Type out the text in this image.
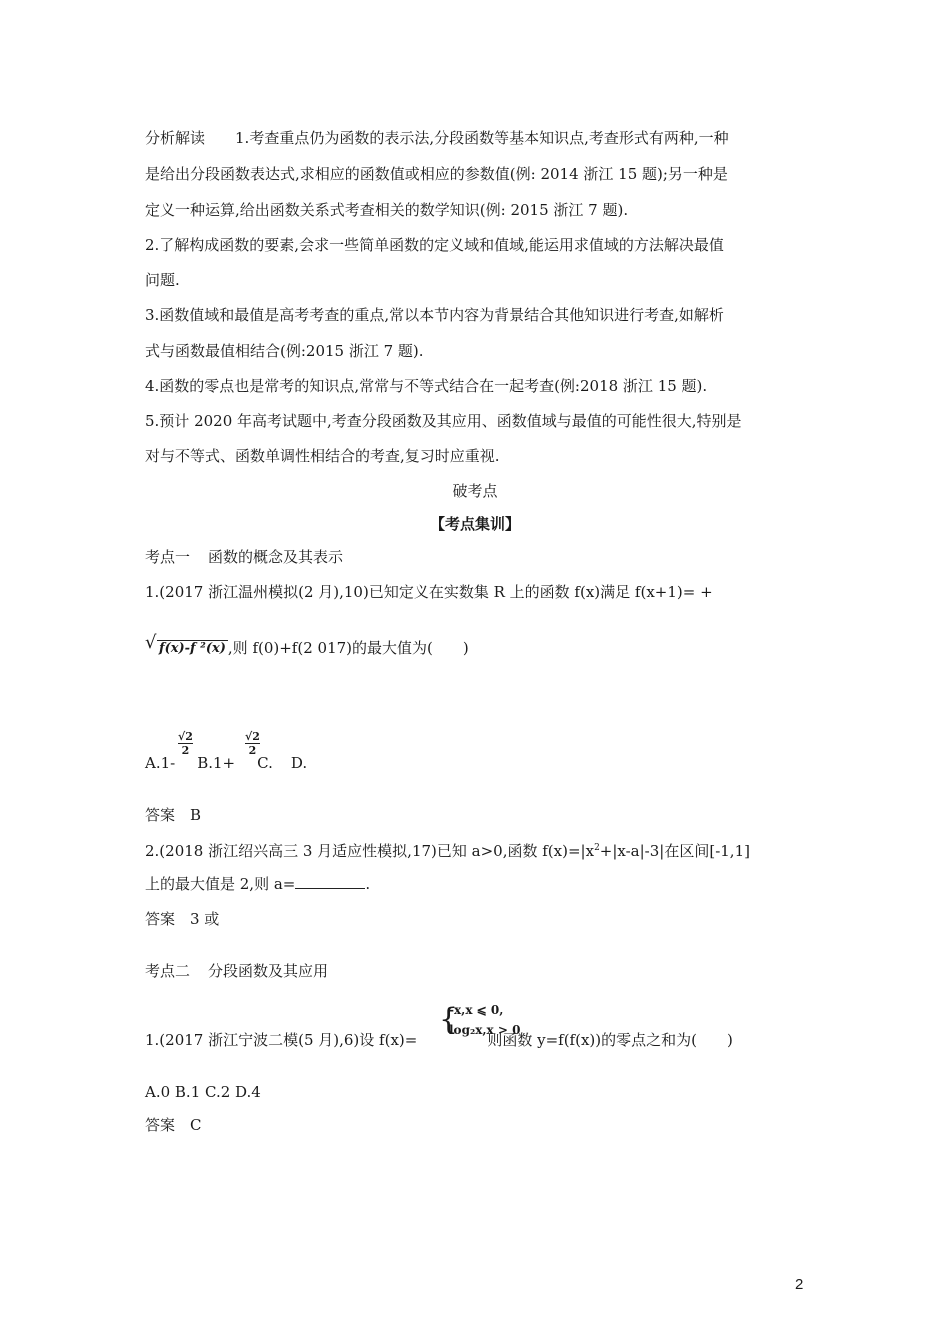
分析解读 1.考查重点仍为函数的表示法,分段函数等基本知识点,考查形式有两种,一种
是给出分段函数表达式,求相应的函数值或相应的参数值(例: 2014 浙江 15 题);另一种是
定义一种运算,给出函数关系式考查相关的数学知识(例: 2015 浙江 7 题).
2.了解构成函数的要素,会求一些简单函数的定义域和值域,能运用求值域的方法解决最值
问题.
3.函数值域和最值是高考考查的重点,常以本节内容为背景结合其他知识进行考查,如解析
式与函数最值相结合(例:2015 浙江 7 题).
4.函数的零点也是常考的知识点,常常与不等式结合在一起考查(例:2018 浙江 15 题).
5.预计 2020 年高考试题中,考查分段函数及其应用、函数值域与最值的可能性很大,特别是
对与不等式、函数单调性相结合的考查,复习时应重视.
破考点
【考点集训】
考点一 函数的概念及其表示
1.(2017 浙江温州模拟(2 月),10)已知定义在实数集 R 上的函数 f(x)满足 f(x+1)= +
√ f(x)-f ²(x) ,则 f(0)+f(2 017)的最大值为(　　)
A.1- B.1+ C. D.
$\frac{√2}{2}$	$\frac{√2}{2}$
答案　B
2.(2018 浙江绍兴高三 3 月适应性模拟,17)已知 a>0,函数 $f(x)=|x^2+|x-a|-3|$在区间[-1,1]
上的最大值是 2,则 a=	.
答案　3 或
考点二 分段函数及其应用
{
-x,x ⩽ 0,
log₂x,x > 0
1.(2017 浙江宁波二模(5 月),6)设 f(x)=	则函数 y=f(f(x))的零点之和为(　　)
A.0 B.1 C.2 D.4
答案　C
2
